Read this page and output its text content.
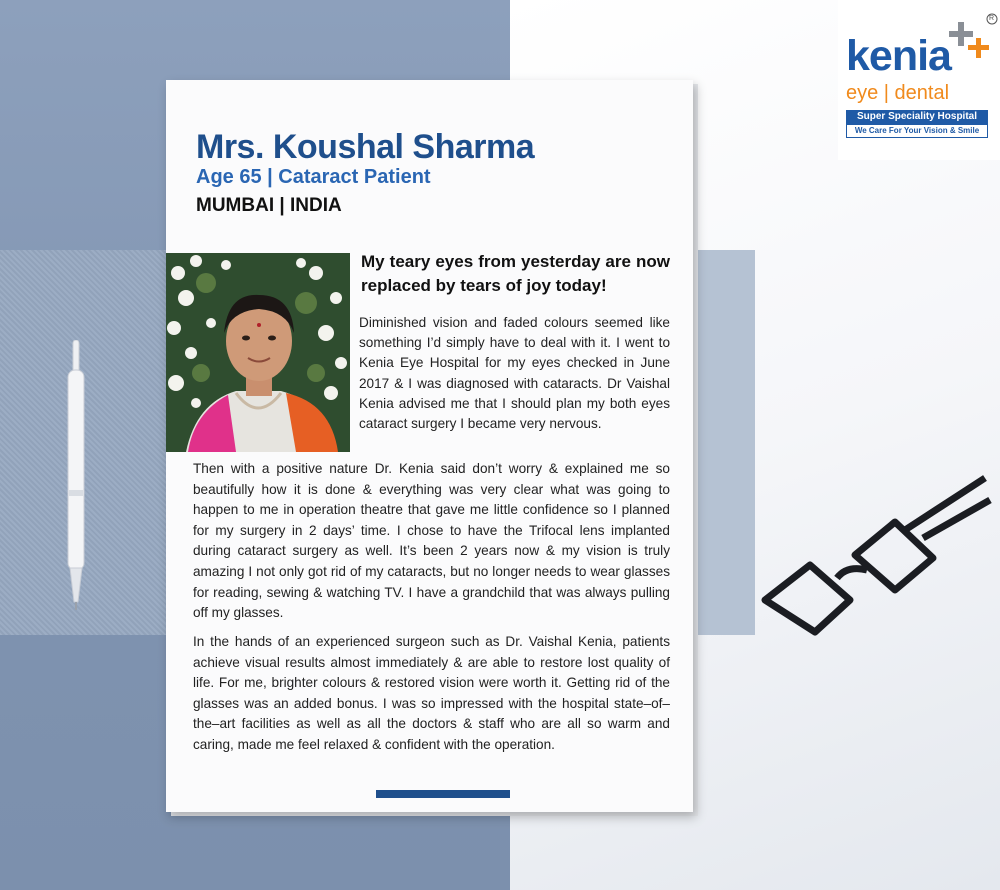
kenia
eye | dental
Super Speciality Hospital
We Care For Your Vision & Smile
R
Mrs. Koushal Sharma
Age 65 | Cataract Patient
MUMBAI | INDIA
My teary eyes from yesterday are now replaced by tears of joy today!
Diminished vision and faded colours seemed like something I’d simply have to deal with it. I went to Kenia Eye Hospital for my eyes checked in June 2017 & I was diagnosed with cataracts. Dr Vaishal Kenia advised me that I should plan my both eyes cataract surgery I became very nervous.
Then with a positive nature Dr. Kenia said don’t worry & explained me so beautifully how it is done & everything was very clear what was going to happen to me in operation theatre that gave me little confidence so I planned for my surgery in 2 days’ time. I chose to have the Trifocal lens implanted during cataract surgery as well. It’s been 2 years now & my vision is truly amazing I not only got rid of my cataracts, but no longer needs to wear glasses for reading, sewing & watching TV. I have a grandchild that was always pulling off my glasses.
In the hands of an experienced surgeon such as Dr. Vaishal Kenia, patients achieve visual results almost immediately & are able to restore lost quality of life. For me, brighter colours & restored vision were worth it. Getting rid of the glasses was an added bonus. I was so impressed with the hospital state–of–the–art facilities as well as all the doctors & staff who are all so warm and caring, made me feel relaxed & confident with the operation.
